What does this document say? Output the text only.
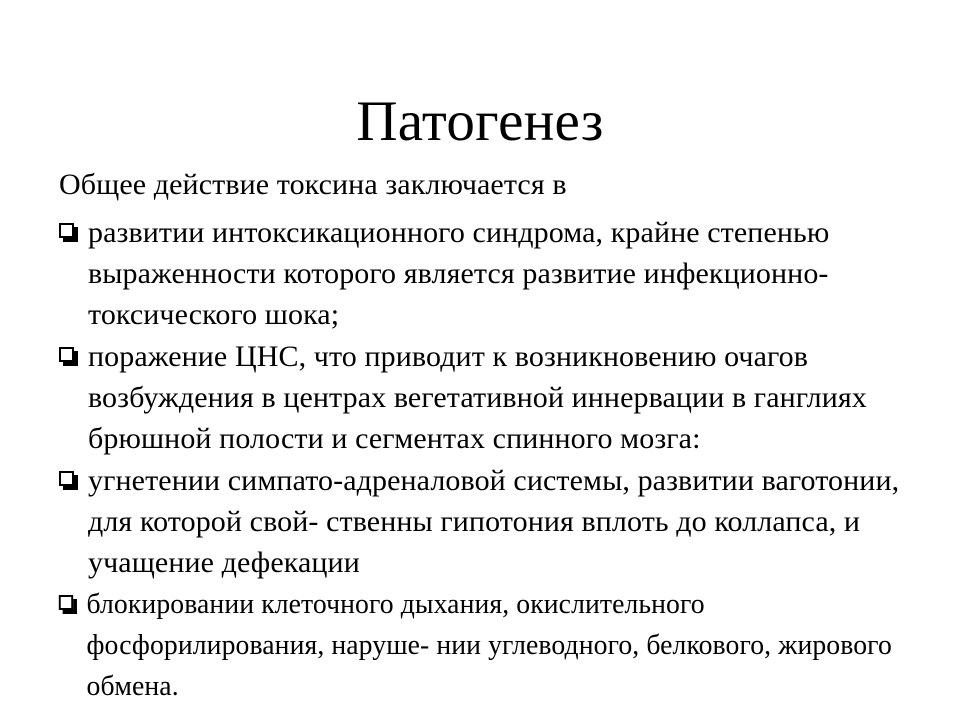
Патогенез

Общее действие токсина заключается в

развитии интоксикационного синдрома, крайне степенью выраженности которого является развитие инфекционно-токсического шока;
поражение ЦНС, что приводит к возникновению очагов возбуждения в центрах вегетативной иннервации в ганглиях брюшной полости и сегментах спинного мозга:
угнетении симпато-адреналовой системы, развитии ваготонии, для которой свой- ственны гипотония вплоть до коллапса, и учащение дефекации
блокировании клеточного дыхания, окислительного фосфорилирования, наруше- нии углеводного, белкового, жирового обмена.
